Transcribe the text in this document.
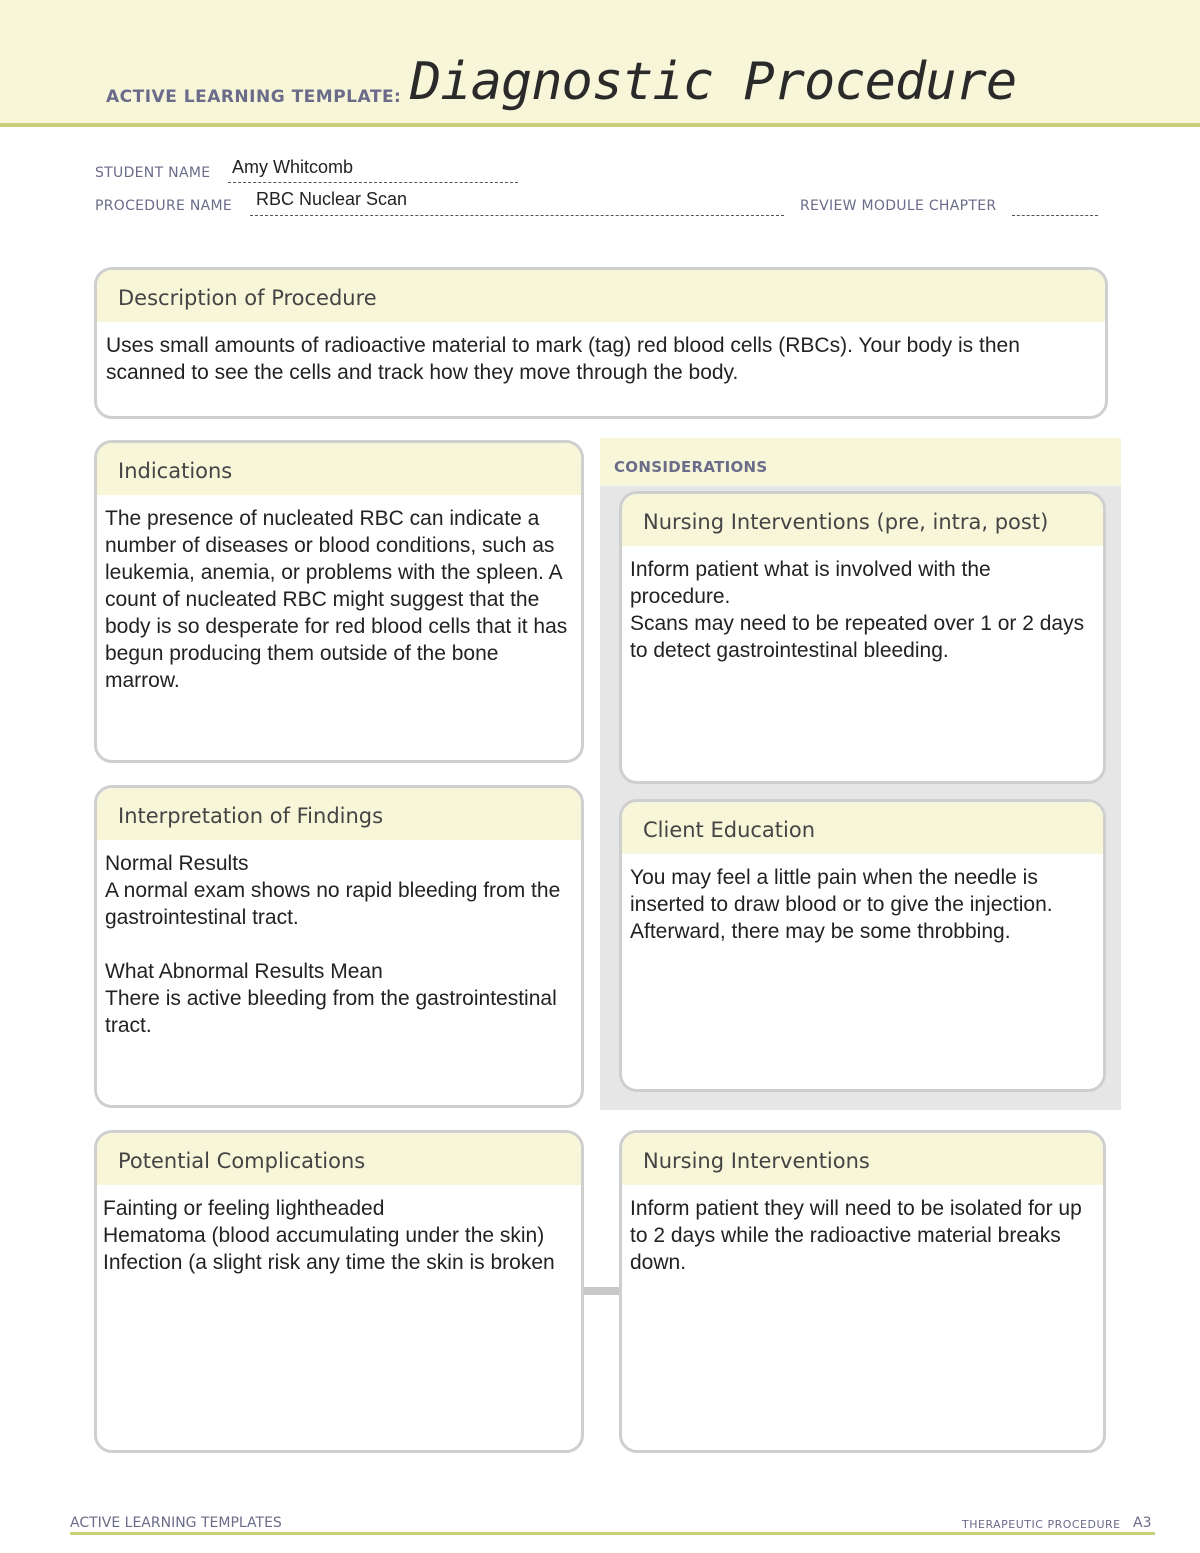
ACTIVE LEARNING TEMPLATE: Diagnostic Procedure
STUDENT NAME Amy Whitcomb
PROCEDURE NAME RBC Nuclear Scan	REVIEW MODULE CHAPTER
Description of Procedure

Uses small amounts of radioactive material to mark (tag) red blood cells (RBCs). Your body is then scanned to see the cells and track how they move through the body.

CONSIDERATIONS
Indications

The presence of nucleated RBC can indicate a number of diseases or blood conditions, such as leukemia, anemia, or problems with the spleen. A count of nucleated RBC might suggest that the body is so desperate for red blood cells that it has begun producing them outside of the bone marrow.

Nursing Interventions (pre, intra, post)

Inform patient what is involved with the procedure.

Scans may need to be repeated over 1 or 2 days to detect gastrointestinal bleeding.

Interpretation of Findings

Normal Results

A normal exam shows no rapid bleeding from the gastrointestinal tract.

What Abnormal Results Mean

There is active bleeding from the gastrointestinal tract.

Client Education

You may feel a little pain when the needle is inserted to draw blood or to give the injection. Afterward, there may be some throbbing.

Potential Complications

Fainting or feeling lightheaded

Hematoma (blood accumulating under the skin)

Infection (a slight risk any time the skin is broken

Nursing Interventions

Inform patient they will need to be isolated for up to 2 days while the radioactive material breaks down.

ACTIVE LEARNING TEMPLATES	THERAPEUTIC PROCEDURE A3
